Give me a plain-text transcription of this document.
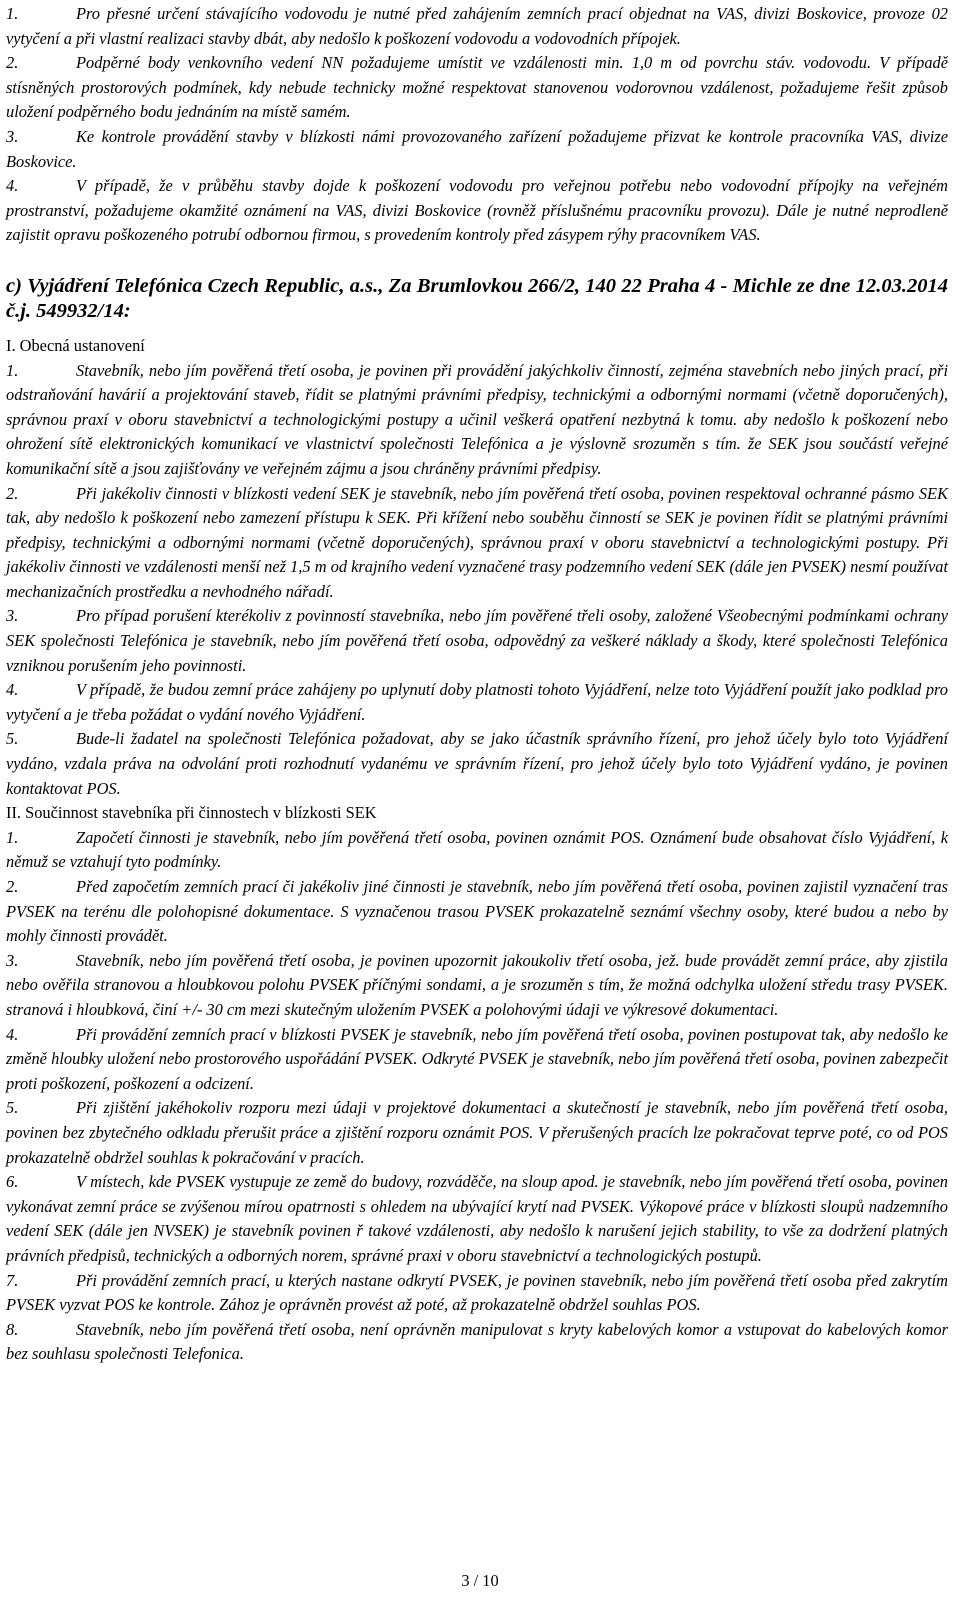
1.	Pro přesné určení stávajícího vodovodu je nutné před zahájením zemních prací objednat na VAS, divizi Boskovice, provoze 02 vytyčení a při vlastní realizaci stavby dbát, aby nedošlo k poškození vodovodu a vodovodních přípojek.

2.	Podpěrné body venkovního vedení NN požadujeme umístit ve vzdálenosti min. 1,0 m od povrchu stáv. vodovodu. V případě stísněných prostorových podmínek, kdy nebude technicky možné respektovat stanovenou vodorovnou vzdálenost, požadujeme řešit způsob uložení podpěrného bodu jednáním na místě samém.

3.	Ke kontrole provádění stavby v blízkosti námi provozovaného zařízení požadujeme přizvat ke kontrole pracovníka VAS, divize Boskovice.

4.	V případě, že v průběhu stavby dojde k poškození vodovodu pro veřejnou potřebu nebo vodovodní přípojky na veřejném prostranství, požadujeme okamžité oznámení na VAS, divizi Boskovice (rovněž příslušnému pracovníku provozu). Dále je nutné neprodleně zajistit opravu poškozeného potrubí odbornou firmou, s provedením kontroly před zásypem rýhy pracovníkem VAS.

c) Vyjádření Telefónica Czech Republic, a.s., Za Brumlovkou 266/2, 140 22 Praha 4 - Michle ze dne 12.03.2014 č.j. 549932/14:

I. Obecná ustanovení

1.	Stavebník, nebo jím pověřená třetí osoba, je povinen při provádění jakýchkoliv činností, zejména stavebních nebo jiných prací, při odstraňování havárií a projektování staveb, řídit se platnými právními předpisy, technickými a odbornými normami (včetně doporučených), správnou praxí v oboru stavebnictví a technologickými postupy a učinil veškerá opatření nezbytná k tomu. aby nedošlo k poškození nebo ohrožení sítě elektronických komunikací ve vlastnictví společnosti Telefónica a je výslovně srozuměn s tím. že SEK jsou součástí veřejné komunikační sítě a jsou zajišťovány ve veřejném zájmu a jsou chráněny právními předpisy.

2.	Při jakékoliv činnosti v blízkosti vedení SEK je stavebník, nebo jím pověřená třetí osoba, povinen respektoval ochranné pásmo SEK tak, aby nedošlo k poškození nebo zamezení přístupu k SEK. Při křížení nebo souběhu činností se SEK je povinen řídit se platnými právními předpisy, technickými a odbornými normami (včetně doporučených), správnou praxí v oboru stavebnictví a technologickými postupy. Při jakékoliv činnosti ve vzdálenosti menší než 1,5 m od krajního vedení vyznačené trasy podzemního vedení SEK (dále jen PVSEK) nesmí používat mechanizačních prostředku a nevhodného nářadí.

3.	Pro případ porušení kterékoliv z povinností stavebníka, nebo jím pověřené třeli osoby, založené Všeobecnými podmínkami ochrany SEK společnosti Telefónica je stavebník, nebo jím pověřená třetí osoba, odpovědný za veškeré náklady a škody, které společnosti Telefónica vzniknou porušením jeho povinnosti.

4.	V případě, že budou zemní práce zahájeny po uplynutí doby platnosti tohoto Vyjádření, nelze toto Vyjádření použít jako podklad pro vytyčení a je třeba požádat o vydání nového Vyjádření.

5.	Bude-li žadatel na společnosti Telefónica požadovat, aby se jako účastník správního řízení, pro jehož účely bylo toto Vyjádření vydáno, vzdala práva na odvolání proti rozhodnutí vydanému ve správním řízení, pro jehož účely bylo toto Vyjádření vydáno, je povinen kontaktovat POS.

II. Součinnost stavebníka při činnostech v blízkosti SEK

1.	Započetí činnosti je stavebník, nebo jím pověřená třetí osoba, povinen oznámit POS. Oznámení bude obsahovat číslo Vyjádření, k němuž se vztahují tyto podmínky.

2.	Před započetím zemních prací či jakékoliv jiné činnosti je stavebník, nebo jím pověřená třetí osoba, povinen zajistil vyznačení tras PVSEK na terénu dle polohopisné dokumentace. S vyznačenou trasou PVSEK prokazatelně seznámí všechny osoby, které budou a nebo by mohly činnosti provádět.

3.	Stavebník, nebo jím pověřená třetí osoba, je povinen upozornit jakoukoliv třetí osoba, jež. bude provádět zemní práce, aby zjistila nebo ověřila stranovou a hloubkovou polohu PVSEK příčnými sondami, a je srozuměn s tím, že možná odchylka uložení středu trasy PVSEK. stranová i hloubková, činí +/- 30 cm mezi skutečným uložením PVSEK a polohovými údaji ve výkresové dokumentaci.

4.	Při provádění zemních prací v blízkosti PVSEK je stavebník, nebo jím pověřená třetí osoba, povinen postupovat tak, aby nedošlo ke změně hloubky uložení nebo prostorového uspořádání PVSEK. Odkryté PVSEK je stavebník, nebo jím pověřená třetí osoba, povinen zabezpečit proti poškození, poškození a odcizení.

5.	Při zjištění jakéhokoliv rozporu mezi údaji v projektové dokumentaci a skutečností je stavebník, nebo jím pověřená třetí osoba, povinen bez zbytečného odkladu přerušit práce a zjištění rozporu oznámit POS. V přerušených pracích lze pokračovat teprve poté, co od POS prokazatelně obdržel souhlas k pokračování v pracích.

6.	V místech, kde PVSEK vystupuje ze země do budovy, rozváděče, na sloup apod. je stavebník, nebo jím pověřená třetí osoba, povinen vykonávat zemní práce se zvýšenou mírou opatrnosti s ohledem na ubývající krytí nad PVSEK. Výkopové práce v blízkosti sloupů nadzemního vedení SEK (dále jen NVSEK) je stavebník povinen ř takové vzdálenosti, aby nedošlo k narušení jejich stability, to vše za dodržení platných právních předpisů, technických a odborných norem, správné praxi v oboru stavebnictví a technologických postupů.

7.	Při provádění zemních prací, u kterých nastane odkrytí PVSEK, je povinen stavebník, nebo jím pověřená třetí osoba před zakrytím PVSEK vyzvat POS ke kontrole. Zához je oprávněn provést až poté, až prokazatelně obdržel souhlas POS.

8.	Stavebník, nebo jím pověřená třetí osoba, není oprávněn manipulovat s kryty kabelových komor a vstupovat do kabelových komor bez souhlasu společnosti Telefonica.

3 / 10
